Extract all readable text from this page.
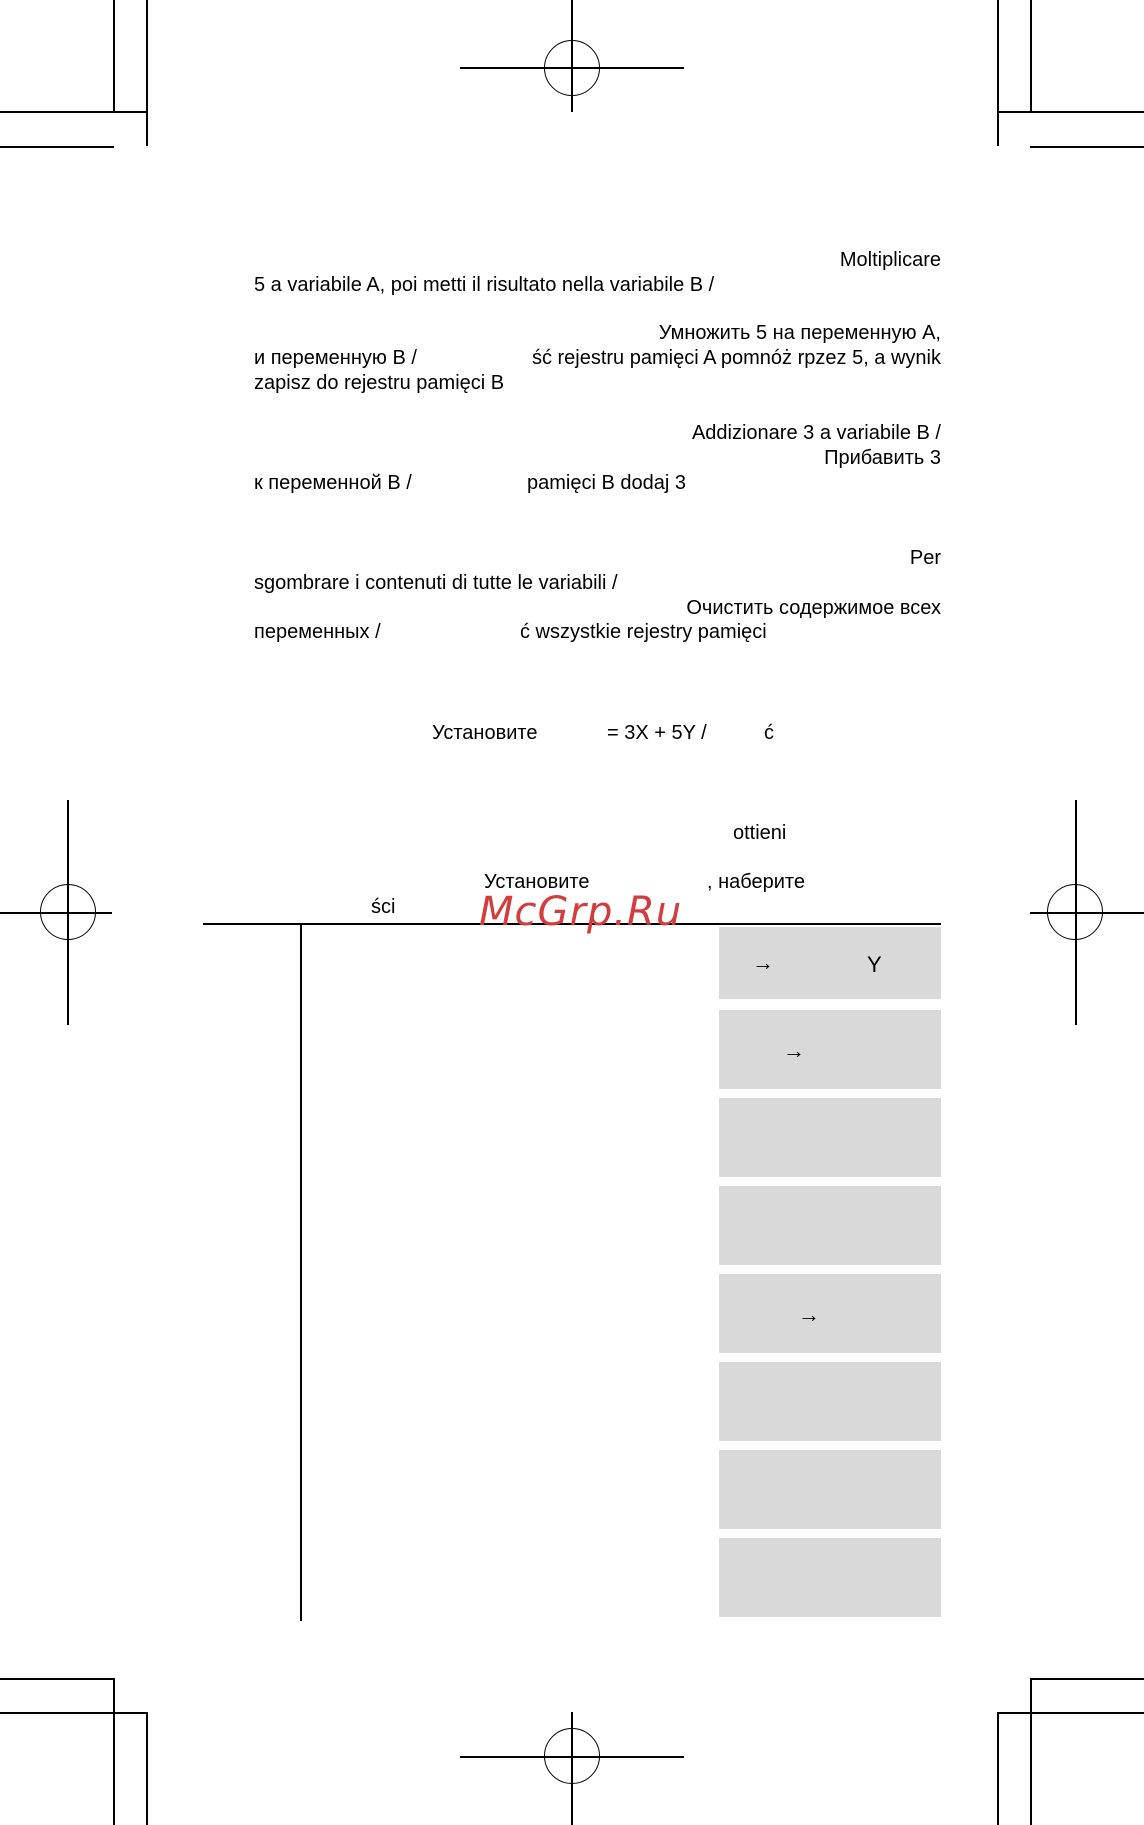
Moltiplicare
5 a variabile A, poi metti il risultato nella variabile B /
Умножить 5 на переменную A,
и переменную B /	ść rejestru pamięci A pomnóż rpzez 5, a wynik
zapisz do rejestru pamięci B
Addizionare 3 a variabile B /
Прибавить 3
к переменной B /	pamięci B dodaj 3
Per
sgombrare i contenuti di tutte le variabili /
Очистить содержимое всех
переменных /	ć wszystkie rejestry pamięci
Установите	= 3X + 5Y /	ć
ottieni
Установите	, наберите
ści
→	Y
→
→
McGrp.Ru
